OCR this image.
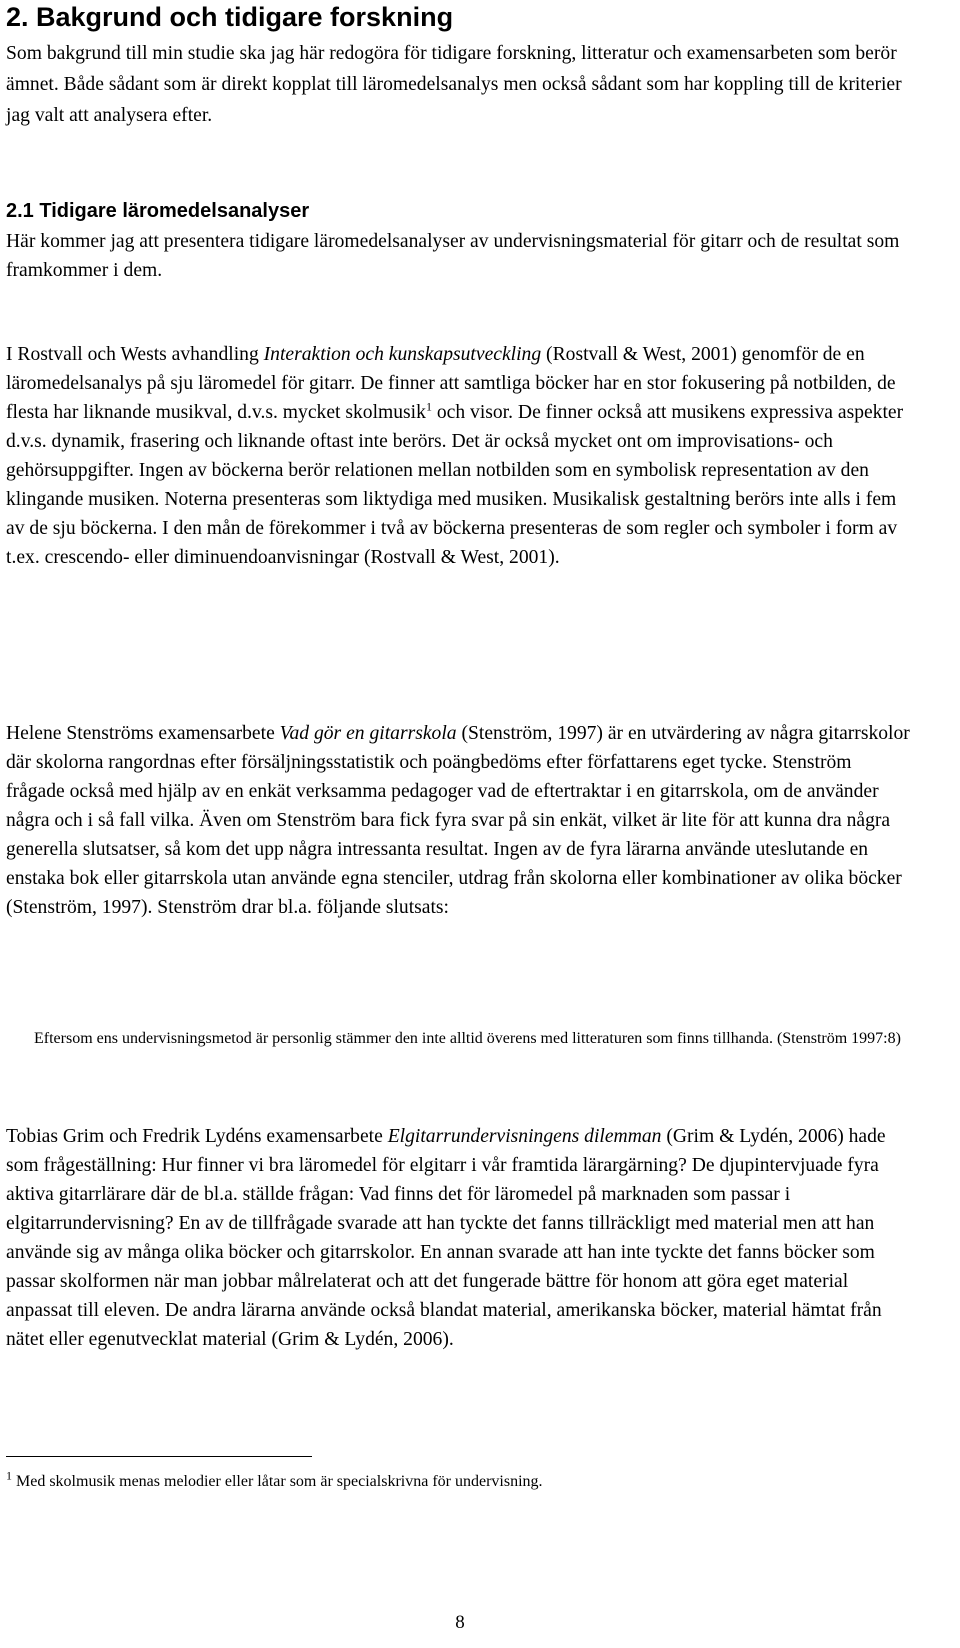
2. Bakgrund och tidigare forskning

Som bakgrund till min studie ska jag här redogöra för tidigare forskning, litteratur och examensarbeten som berör ämnet. Både sådant som är direkt kopplat till läromedelsanalys men också sådant som har koppling till de kriterier jag valt att analysera efter.

2.1 Tidigare läromedelsanalyser

Här kommer jag att presentera tidigare läromedelsanalyser av undervisningsmaterial för gitarr och de resultat som framkommer i dem.

I Rostvall och Wests avhandling Interaktion och kunskapsutveckling (Rostvall & West, 2001) genomför de en läromedelsanalys på sju läromedel för gitarr. De finner att samtliga böcker har en stor fokusering på notbilden, de flesta har liknande musikval, d.v.s. mycket skolmusik$^1$ och visor. De finner också att musikens expressiva aspekter d.v.s. dynamik, frasering och liknande oftast inte berörs. Det är också mycket ont om improvisations- och gehörsuppgifter. Ingen av böckerna berör relationen mellan notbilden som en symbolisk representation av den klingande musiken. Noterna presenteras som liktydiga med musiken. Musikalisk gestaltning berörs inte alls i fem av de sju böckerna. I den mån de förekommer i två av böckerna presenteras de som regler och symboler i form av t.ex. crescendo- eller diminuendoanvisningar (Rostvall & West, 2001).

Helene Stenströms examensarbete Vad gör en gitarrskola (Stenström, 1997) är en utvärdering av några gitarrskolor där skolorna rangordnas efter försäljningsstatistik och poängbedöms efter författarens eget tycke. Stenström frågade också med hjälp av en enkät verksamma pedagoger vad de eftertraktar i en gitarrskola, om de använder några och i så fall vilka. Även om Stenström bara fick fyra svar på sin enkät, vilket är lite för att kunna dra några generella slutsatser, så kom det upp några intressanta resultat. Ingen av de fyra lärarna använde uteslutande en enstaka bok eller gitarrskola utan använde egna stenciler, utdrag från skolorna eller kombinationer av olika böcker (Stenström, 1997). Stenström drar bl.a. följande slutsats:

Eftersom ens undervisningsmetod är personlig stämmer den inte alltid överens med litteraturen som finns tillhanda. (Stenström 1997:8)

Tobias Grim och Fredrik Lydéns examensarbete Elgitarrundervisningens dilemman (Grim & Lydén, 2006) hade som frågeställning: Hur finner vi bra läromedel för elgitarr i vår framtida lärargärning? De djupintervjuade fyra aktiva gitarrlärare där de bl.a. ställde frågan: Vad finns det för läromedel på marknaden som passar i elgitarrundervisning? En av de tillfrågade svarade att han tyckte det fanns tillräckligt med material men att han använde sig av många olika böcker och gitarrskolor. En annan svarade att han inte tyckte det fanns böcker som passar skolformen när man jobbar målrelaterat och att det fungerade bättre för honom att göra eget material anpassat till eleven. De andra lärarna använde också blandat material, amerikanska böcker, material hämtat från nätet eller egenutvecklat material (Grim & Lydén, 2006).

$^1$ Med skolmusik menas melodier eller låtar som är specialskrivna för undervisning.

8
